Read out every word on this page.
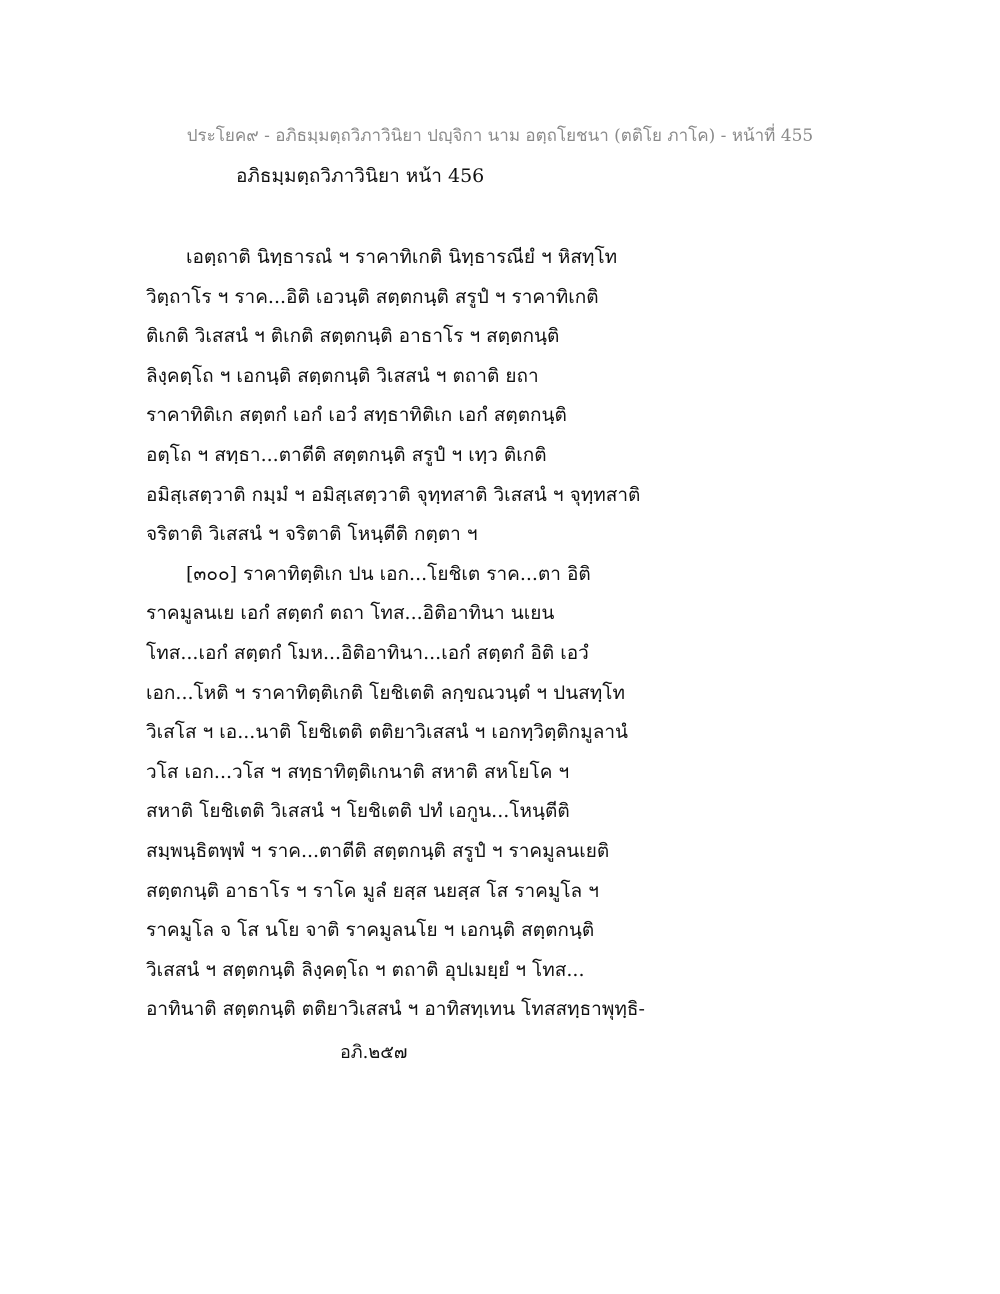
ประโยค๙ - อภิธมฺมตฺถวิภาวินิยา ปญฺจิกา นาม อตฺถโยชนา (ตติโย ภาโค) - หน้าที่ 455
อภิธมฺมตฺถวิภาวินิยา หน้า 456
เอตฺถาติ นิทฺธารณํ ฯ ราคาทิเกติ นิทฺธารณียํ ฯ หิสทฺโท
วิตฺถาโร ฯ ราค...อิติ เอวนฺติ สตฺตกนฺติ สรูปํ ฯ ราคาทิเกติ
ติเกติ วิเสสนํ ฯ ติเกติ สตฺตกนฺติ อาธาโร ฯ สตฺตกนฺติ
ลิงฺคตฺโถ ฯ เอกนฺติ สตฺตกนฺติ วิเสสนํ ฯ ตถาติ ยถา
ราคาทิติเก สตฺตกํ เอกํ เอวํ สทฺธาทิติเก เอกํ สตฺตกนฺติ
อตฺโถ ฯ สทฺธา...ตาตีติ สตฺตกนฺติ สรูปํ ฯ เทฺว ติเกติ
อมิสฺเสตฺวาติ กมฺมํ ฯ อมิสฺเสตฺวาติ จุทฺทสาติ วิเสสนํ ฯ จุทฺทสาติ
จริตาติ วิเสสนํ ฯ จริตาติ โหนฺตีติ กตฺตา ฯ
[๓๐๐] ราคาทิตฺติเก ปน เอก...โยชิเต ราค...ตา อิติ
ราคมูลนเย เอกํ สตฺตกํ ตถา โทส...อิติอาทินา นเยน
โทส...เอกํ สตฺตกํ โมห...อิติอาทินา...เอกํ สตฺตกํ อิติ เอวํ
เอก...โหติ ฯ ราคาทิตฺติเกติ โยชิเตติ ลกฺขณวนฺตํ ฯ ปนสทฺโท
วิเสโส ฯ เอ...นาติ โยชิเตติ ตติยาวิเสสนํ ฯ เอกทฺวิตฺติกมูลานํ
วโส เอก...วโส ฯ สทฺธาทิตฺติเกนาติ สหาติ สหโยโค ฯ
สหาติ โยชิเตติ วิเสสนํ ฯ โยชิเตติ ปทํ เอกูน...โหนฺตีติ
สมฺพนฺธิตพฺพํ ฯ ราค...ตาตีติ สตฺตกนฺติ สรูปํ ฯ ราคมูลนเยติ
สตฺตกนฺติ อาธาโร ฯ ราโค มูลํ ยสฺส นยสฺส โส ราคมูโล ฯ
ราคมูโล จ โส นโย จาติ ราคมูลนโย ฯ เอกนฺติ สตฺตกนฺติ
วิเสสนํ ฯ สตฺตกนฺติ ลิงฺคตฺโถ ฯ ตถาติ อุปเมยฺยํ ฯ โทส...
อาทินาติ สตฺตกนฺติ ตติยาวิเสสนํ ฯ อาทิสทฺเทน โทสสทฺธาพุทฺธิ-
อภิ.๒๕๗
